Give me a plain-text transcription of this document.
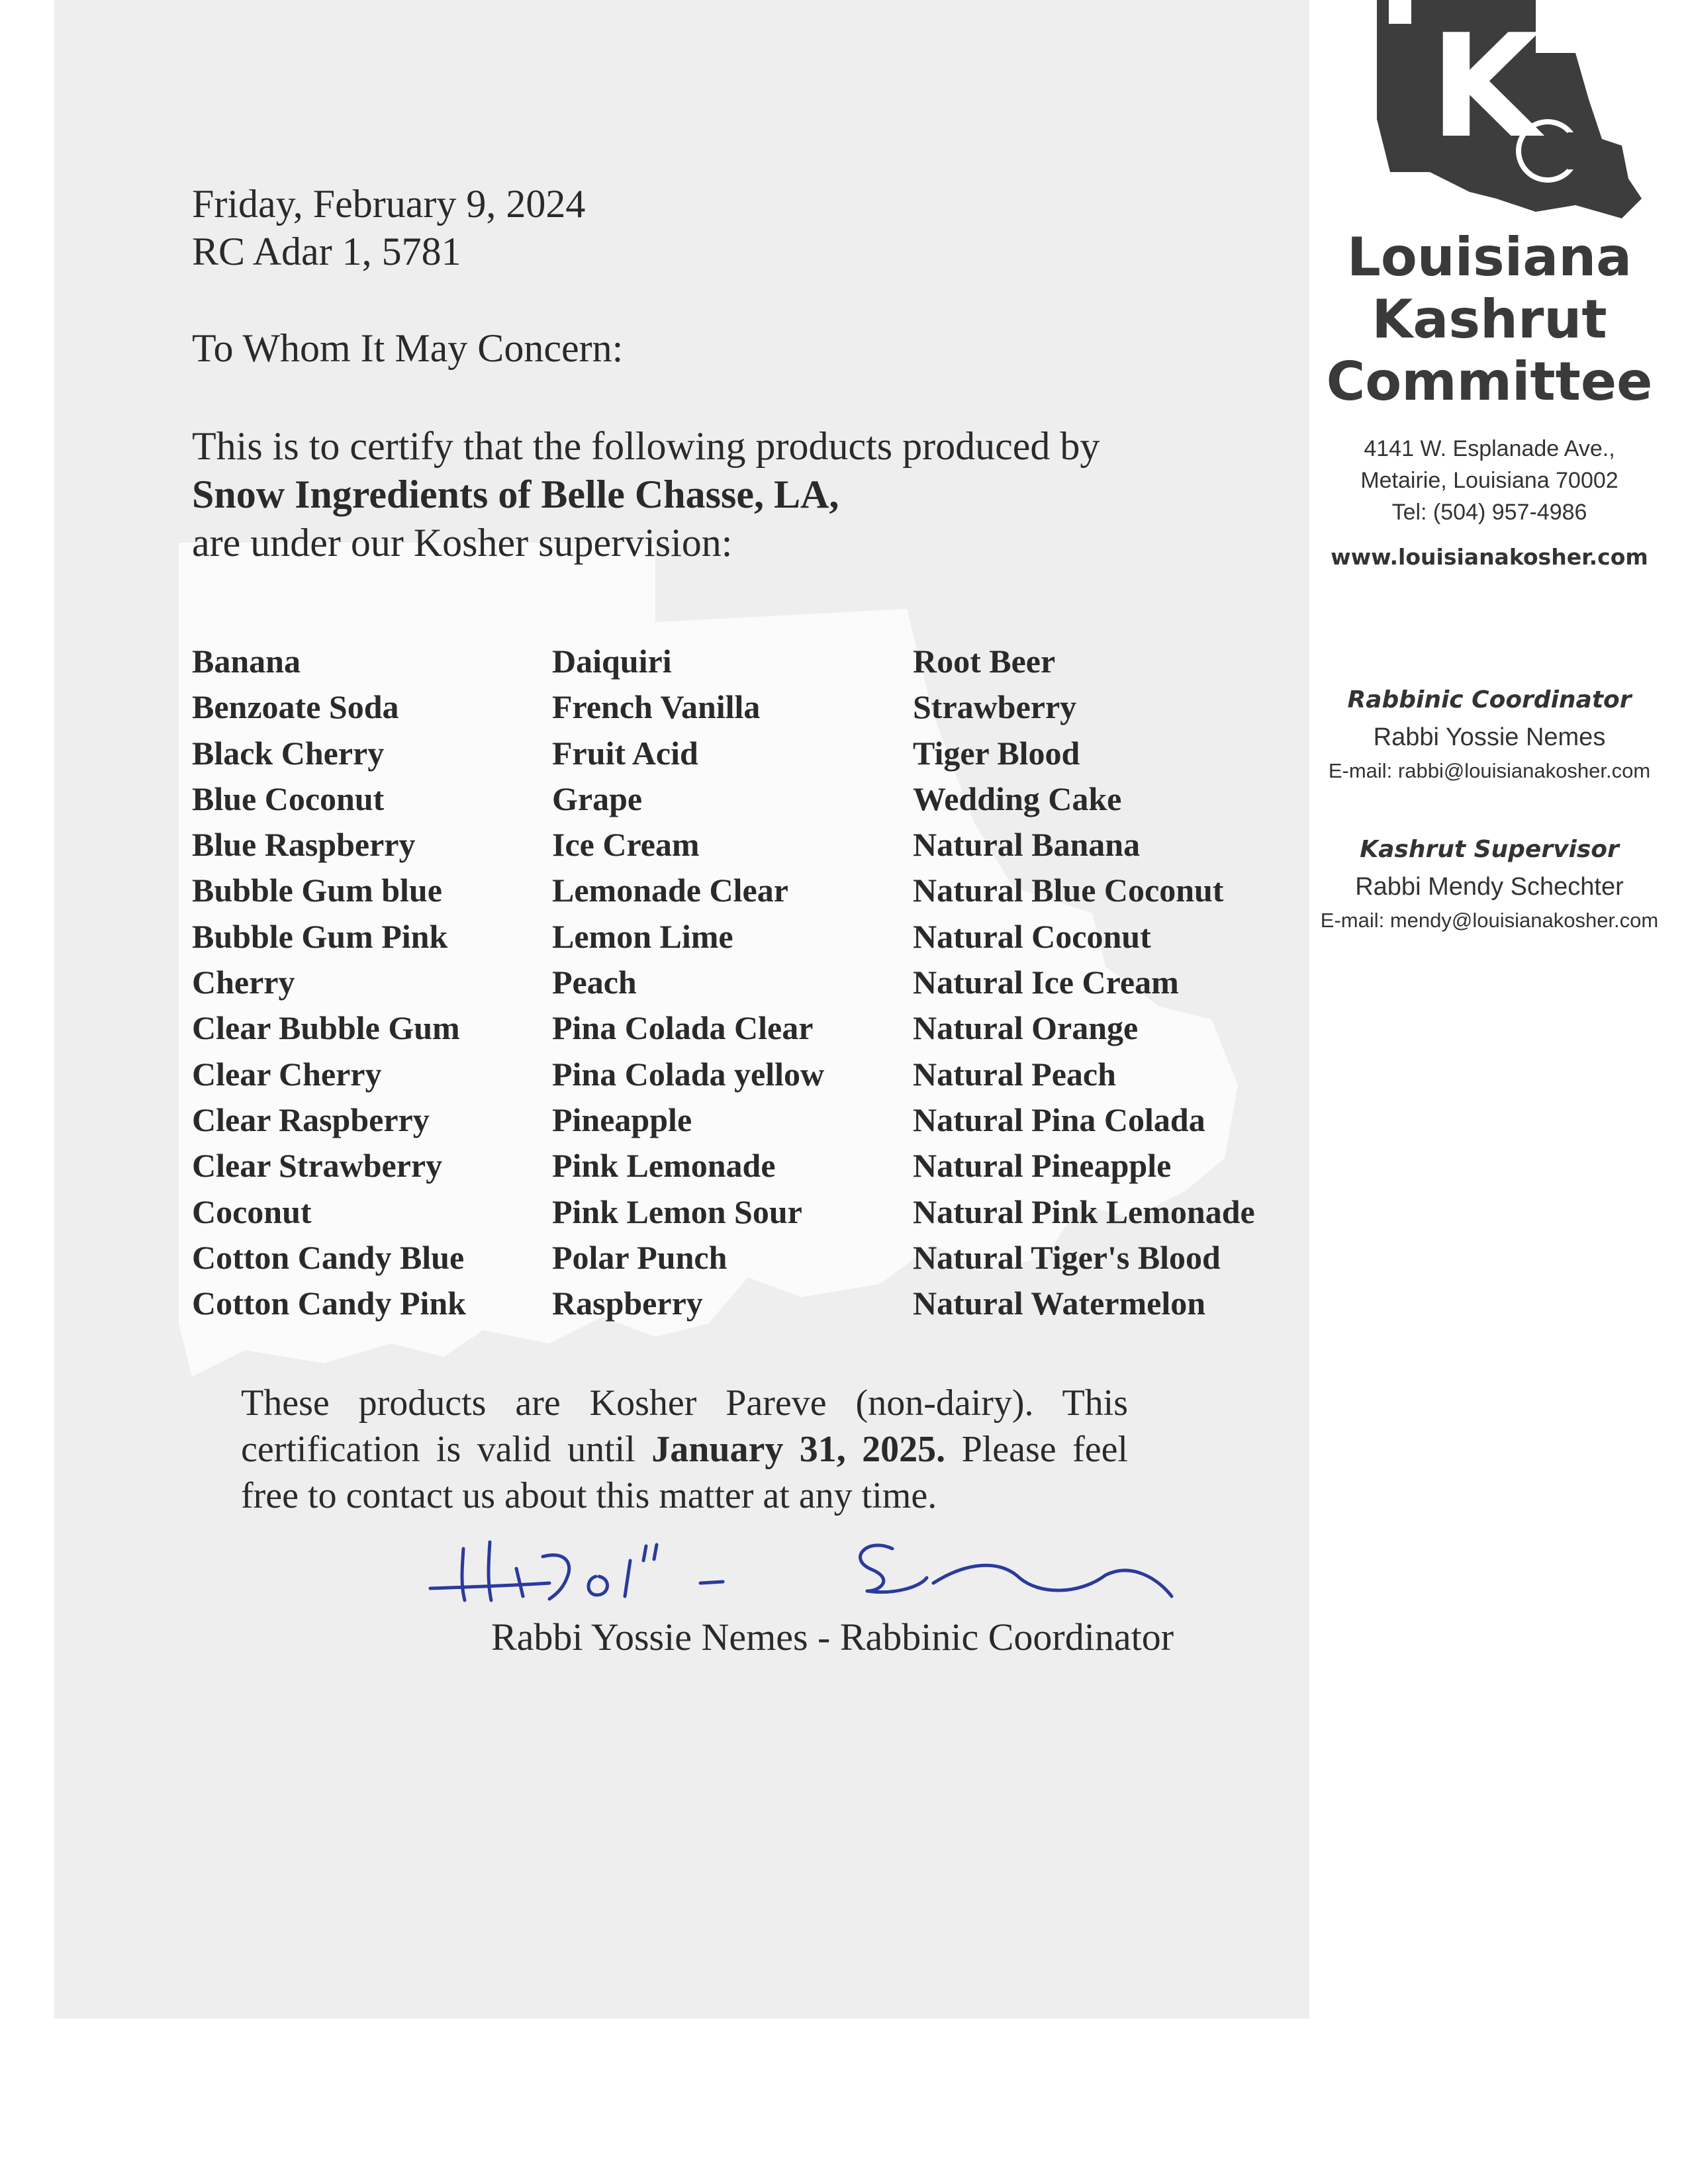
Friday, February 9, 2024
RC Adar 1, 5781
To Whom It May Concern:
This is to certify that the following products produced by
Snow Ingredients of Belle Chasse, LA,
are under our Kosher supervision:
Banana
Benzoate Soda
Black Cherry
Blue Coconut
Blue Raspberry
Bubble Gum blue
Bubble Gum Pink
Cherry
Clear Bubble Gum
Clear Cherry
Clear Raspberry
Clear Strawberry
Coconut
Cotton Candy Blue
Cotton Candy Pink
Daiquiri
French Vanilla
Fruit Acid
Grape
Ice Cream
Lemonade Clear
Lemon Lime
Peach
Pina Colada Clear
Pina Colada yellow
Pineapple
Pink Lemonade
Pink Lemon Sour
Polar Punch
Raspberry
Root Beer
Strawberry
Tiger Blood
Wedding Cake
Natural Banana
Natural Blue Coconut
Natural Coconut
Natural Ice Cream
Natural Orange
Natural Peach
Natural Pina Colada
Natural Pineapple
Natural Pink Lemonade
Natural Tiger's Blood
Natural Watermelon

These products are Kosher Pareve (non-dairy). This certification is valid until January 31, 2025. Please feel free to contact us about this matter at any time.

Rabbi Yossie Nemes - Rabbinic Coordinator
K
Louisiana
Kashrut
Committee
4141 W. Esplanade Ave.,
Metairie, Louisiana 70002
Tel: (504) 957-4986
www.louisianakosher.com
Rabbinic Coordinator
Rabbi Yossie Nemes
E-mail: rabbi@louisianakosher.com
Kashrut Supervisor
Rabbi Mendy Schechter
E-mail: mendy@louisianakosher.com
